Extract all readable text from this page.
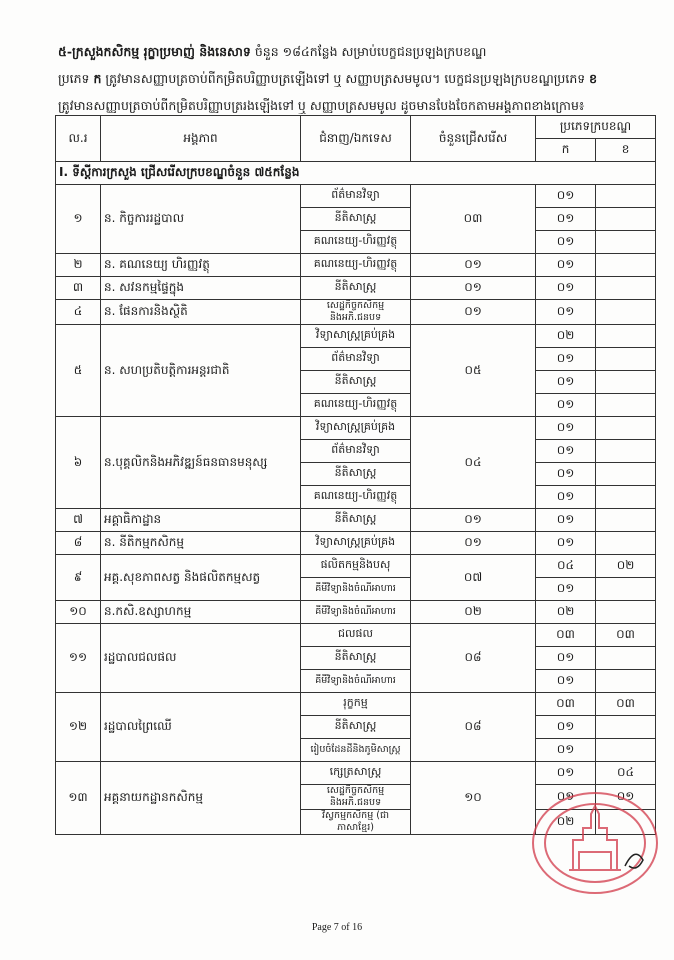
៥-ក្រសួងកសិកម្ម រុក្ខាប្រមាញ់ និងនេសាទ ចំនួន ១៨៤កន្លែង សម្រាប់បេក្ខជនប្រឡងក្របខណ្ឌ
ប្រភេទ ក ត្រូវមានសញ្ញាបត្រចាប់ពីកម្រិតបរិញ្ញាបត្រឡើងទៅ ឬ សញ្ញាបត្រសមមូល។ បេក្ខជនប្រឡងក្របខណ្ឌប្រភេទ ខ
ត្រូវមានសញ្ញាបត្រចាប់ពីកម្រិតបរិញ្ញាបត្ររងឡើងទៅ ឬ សញ្ញាបត្រសមមូល ដូចមានបែងចែកតាមអង្គភាពខាងក្រោម៖
ល.រ	អង្គភាព	ជំនាញ/ឯកទេស	ចំនួនជ្រើសរើស	ប្រភេទក្របខណ្ឌ	
				ក	ខ
I. ទីស្តីការក្រសួង ជ្រើសរើសក្របខណ្ឌចំនួន ៧៥កន្លែង					
១	ន. កិច្ចការរដ្ឋបាល	ព័ត៌មានវិទ្យា	០៣	០១	
		នីតិសាស្ត្រ		០១	
		គណនេយ្យ-ហិរញ្ញវត្ថុ		០១	
២	ន. គណនេយ្យ ហិរញ្ញវត្ថុ	គណនេយ្យ-ហិរញ្ញវត្ថុ	០១	០១	
៣	ន. សវនកម្មផ្ទៃក្នុង	នីតិសាស្ត្រ	០១	០១	
៤	ន. ផែនការនិងស្ថិតិ	សេដ្ឋកិច្ចកសិកម្ម និងអភិ.ជនបទ	០១	០១	
៥	ន. សហប្រតិបត្តិការអន្តរជាតិ	វិទ្យាសាស្ត្រគ្រប់គ្រង	០៥	០២	
		ព័ត៌មានវិទ្យា		០១	
		នីតិសាស្ត្រ		០១	
		គណនេយ្យ-ហិរញ្ញវត្ថុ		០១	
៦	ន.បុគ្គលិកនិងអភិវឌ្ឍន៍ធនធានមនុស្ស	វិទ្យាសាស្ត្រគ្រប់គ្រង	០៤	០១	
		ព័ត៌មានវិទ្យា		០១	
		នីតិសាស្ត្រ		០១	
		គណនេយ្យ-ហិរញ្ញវត្ថុ		០១	
៧	អគ្គាធិកាដ្ឋាន	នីតិសាស្ត្រ	០១	០១	
៨	ន. នីតិកម្មកសិកម្ម	វិទ្យាសាស្ត្រគ្រប់គ្រង	០១	០១	
៩	អគ្គ.សុខភាពសត្វ និងផលិតកម្មសត្វ	ផលិតកម្មនិងបសុ	០៧	០៤	០២
		គីមីវិទ្យានិងចំណីអាហារ		០១	
១០	ន.កសិ.ឧស្សាហកម្ម	គីមីវិទ្យានិងចំណីអាហារ	០២	០២	
១១	រដ្ឋបាលជលផល	ជលផល	០៨	០៣	០៣
		នីតិសាស្ត្រ		០១	
		គីមីវិទ្យានិងចំណីអាហារ		០១	
១២	រដ្ឋបាលព្រៃឈើ	រុក្ខកម្ម	០៨	០៣	០៣
		នីតិសាស្ត្រ		០១	
		រៀបចំដែនដីនិងភូមិសាស្ត្រ		០១	
១៣	អគ្គនាយកដ្ឋានកសិកម្ម	ក្សេត្រសាស្ត្រ	១០	០១	០៤
		សេដ្ឋកិច្ចកសិកម្ម និងអភិ.ជនបទ		០១	០១
		វិស្វកម្មកសិកម្ម (ជាភាសាខ្មែរ)		០២	
Page 7 of 16
